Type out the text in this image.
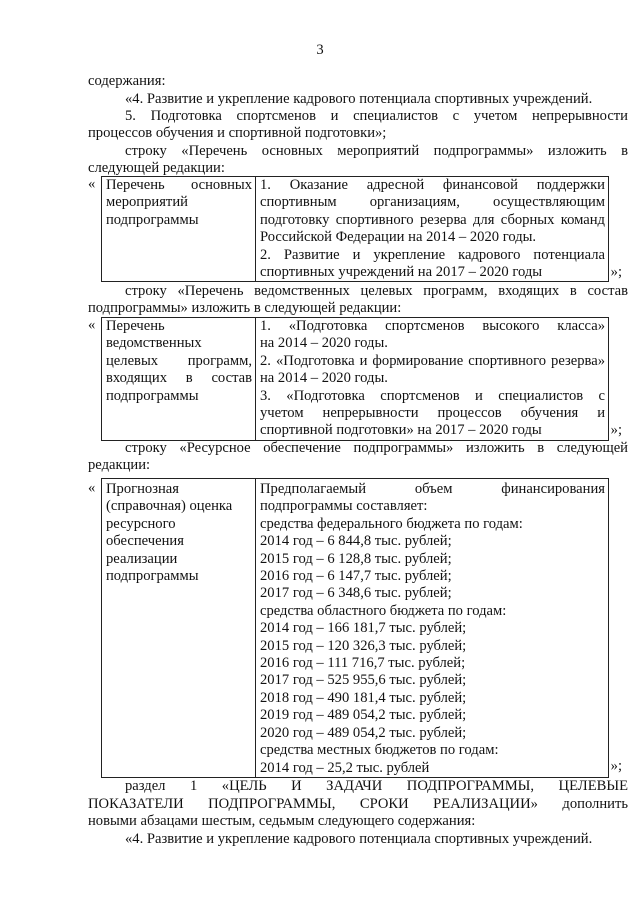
3
содержания:
«4. Развитие и укрепление кадрового потенциала спортивных учреждений.
5. Подготовка спортсменов и специалистов с учетом непрерывности
процессов обучения и спортивной подготовки»;
строку «Перечень основных мероприятий подпрограммы» изложить в
следующей редакции:
« Перечень основных
мероприятий
подпрограммы

1. Оказание адресной финансовой поддержки
спортивным организациям, осуществляющим
подготовку спортивного резерва для сборных команд
Российской Федерации на 2014 – 2020 годы.
2. Развитие и укрепление кадрового потенциала
спортивных учреждений на 2017 – 2020 годы	»;
строку «Перечень ведомственных целевых программ, входящих в состав
подпрограммы» изложить в следующей редакции:
« Перечень
ведомственных
целевых программ,
входящих в состав
подпрограммы

1. «Подготовка спортсменов высокого класса»
на 2014 – 2020 годы.
2. «Подготовка и формирование спортивного резерва»
на 2014 – 2020 годы.
3. «Подготовка спортсменов и специалистов с
учетом непрерывности процессов обучения и
спортивной подготовки» на 2017 – 2020 годы	»;
строку «Ресурсное обеспечение подпрограммы» изложить в следующей
редакции:
« Прогнозная
(справочная) оценка
ресурсного
обеспечения
реализации
подпрограммы

Предполагаемый объем финансирования
подпрограммы составляет:
средства федерального бюджета по годам:
2014 год – 6 844,8 тыс. рублей;
2015 год – 6 128,8 тыс. рублей;
2016 год – 6 147,7 тыс. рублей;
2017 год – 6 348,6 тыс. рублей;
средства областного бюджета по годам:
2014 год – 166 181,7 тыс. рублей;
2015 год – 120 326,3 тыс. рублей;
2016 год – 111 716,7 тыс. рублей;
2017 год – 525 955,6 тыс. рублей;
2018 год – 490 181,4 тыс. рублей;
2019 год – 489 054,2 тыс. рублей;
2020 год – 489 054,2 тыс. рублей;
средства местных бюджетов по годам:
2014 год – 25,2 тыс. рублей	»;
раздел 1 «ЦЕЛЬ И ЗАДАЧИ ПОДПРОГРАММЫ, ЦЕЛЕВЫЕ
ПОКАЗАТЕЛИ ПОДПРОГРАММЫ, СРОКИ РЕАЛИЗАЦИИ» дополнить
новыми абзацами шестым, седьмым следующего содержания:
«4. Развитие и укрепление кадрового потенциала спортивных учреждений.
